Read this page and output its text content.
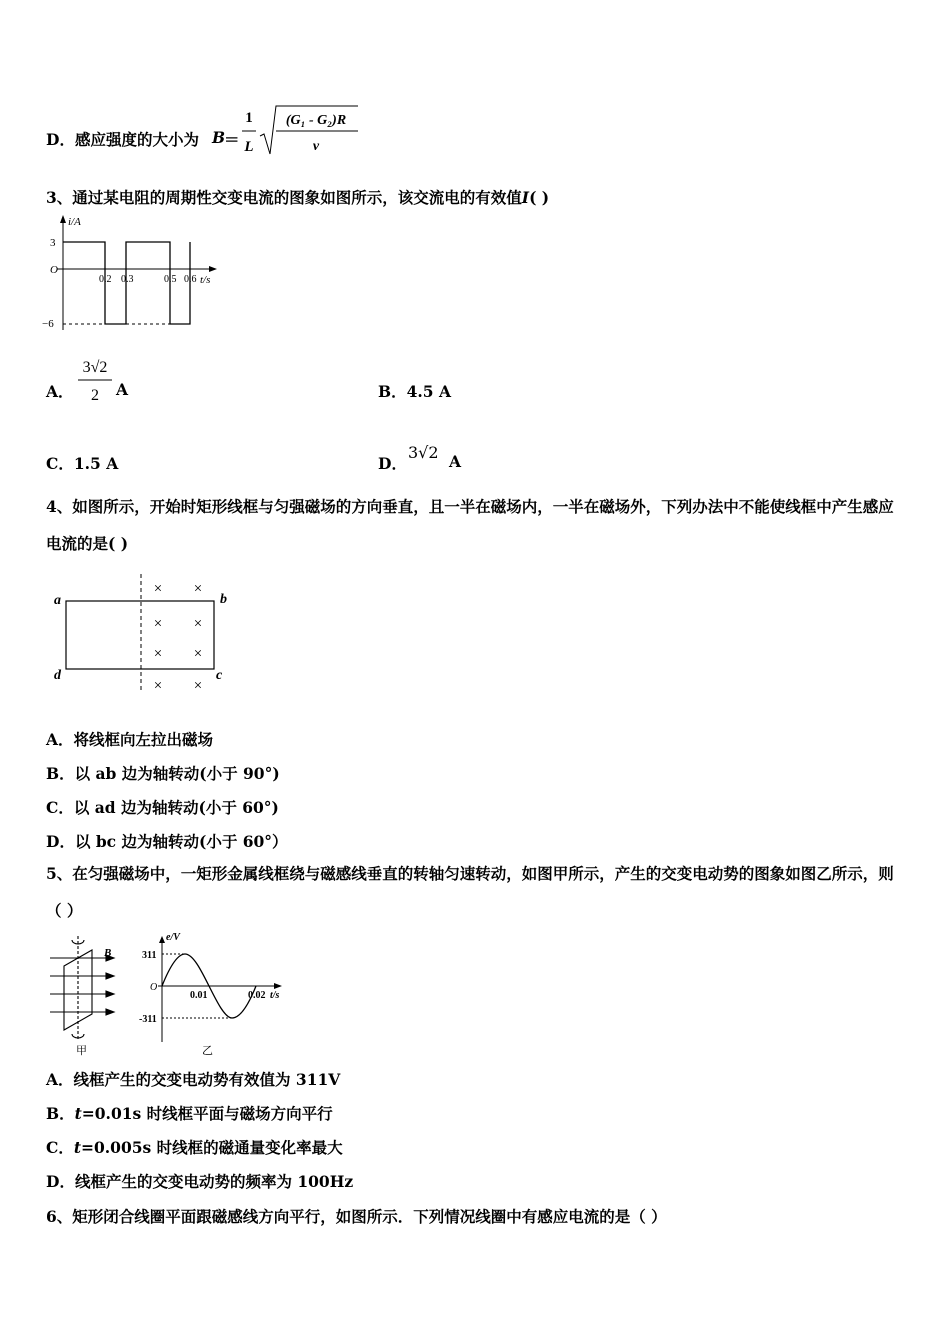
D．感应强度的大小为 B
＝
1
L
(G₁ - G₂)R
v
3、通过某电阻的周期性交变电流的图象如图所示，该交流电的有效值I( )
i/A
t/s
O
3
−6
0.2 0.3	0.5 0.6
A．
3√2
2 A	B．4.5 A
C．1.5 A	D．
3√2 A
4、如图所示，开始时矩形线框与匀强磁场的方向垂直，且一半在磁场内，一半在磁场外，下列办法中不能使线框中产生感应电流的是( )
a	b
c
d
× ×
× ×
× ×
× ×
A．将线框向左拉出磁场
B．以 ab 边为轴转动(小于 90°)
C．以 ad 边为轴转动(小于 60°)
D．以 bc 边为轴转动(小于 60°）
5、在匀强磁场中，一矩形金属线框绕与磁感线垂直的转轴匀速转动，如图甲所示，产生的交变电动势的图象如图乙所示，则（ ）
B
甲
e/V
t/s
O
311
-311
0.01	0.02
乙
A．线框产生的交变电动势有效值为 311V
B．t=0.01s 时线框平面与磁场方向平行
C．t=0.005s 时线框的磁通量变化率最大
D．线框产生的交变电动势的频率为 100Hz
6、矩形闭合线圈平面跟磁感线方向平行，如图所示．下列情况线圈中有感应电流的是（ ）
